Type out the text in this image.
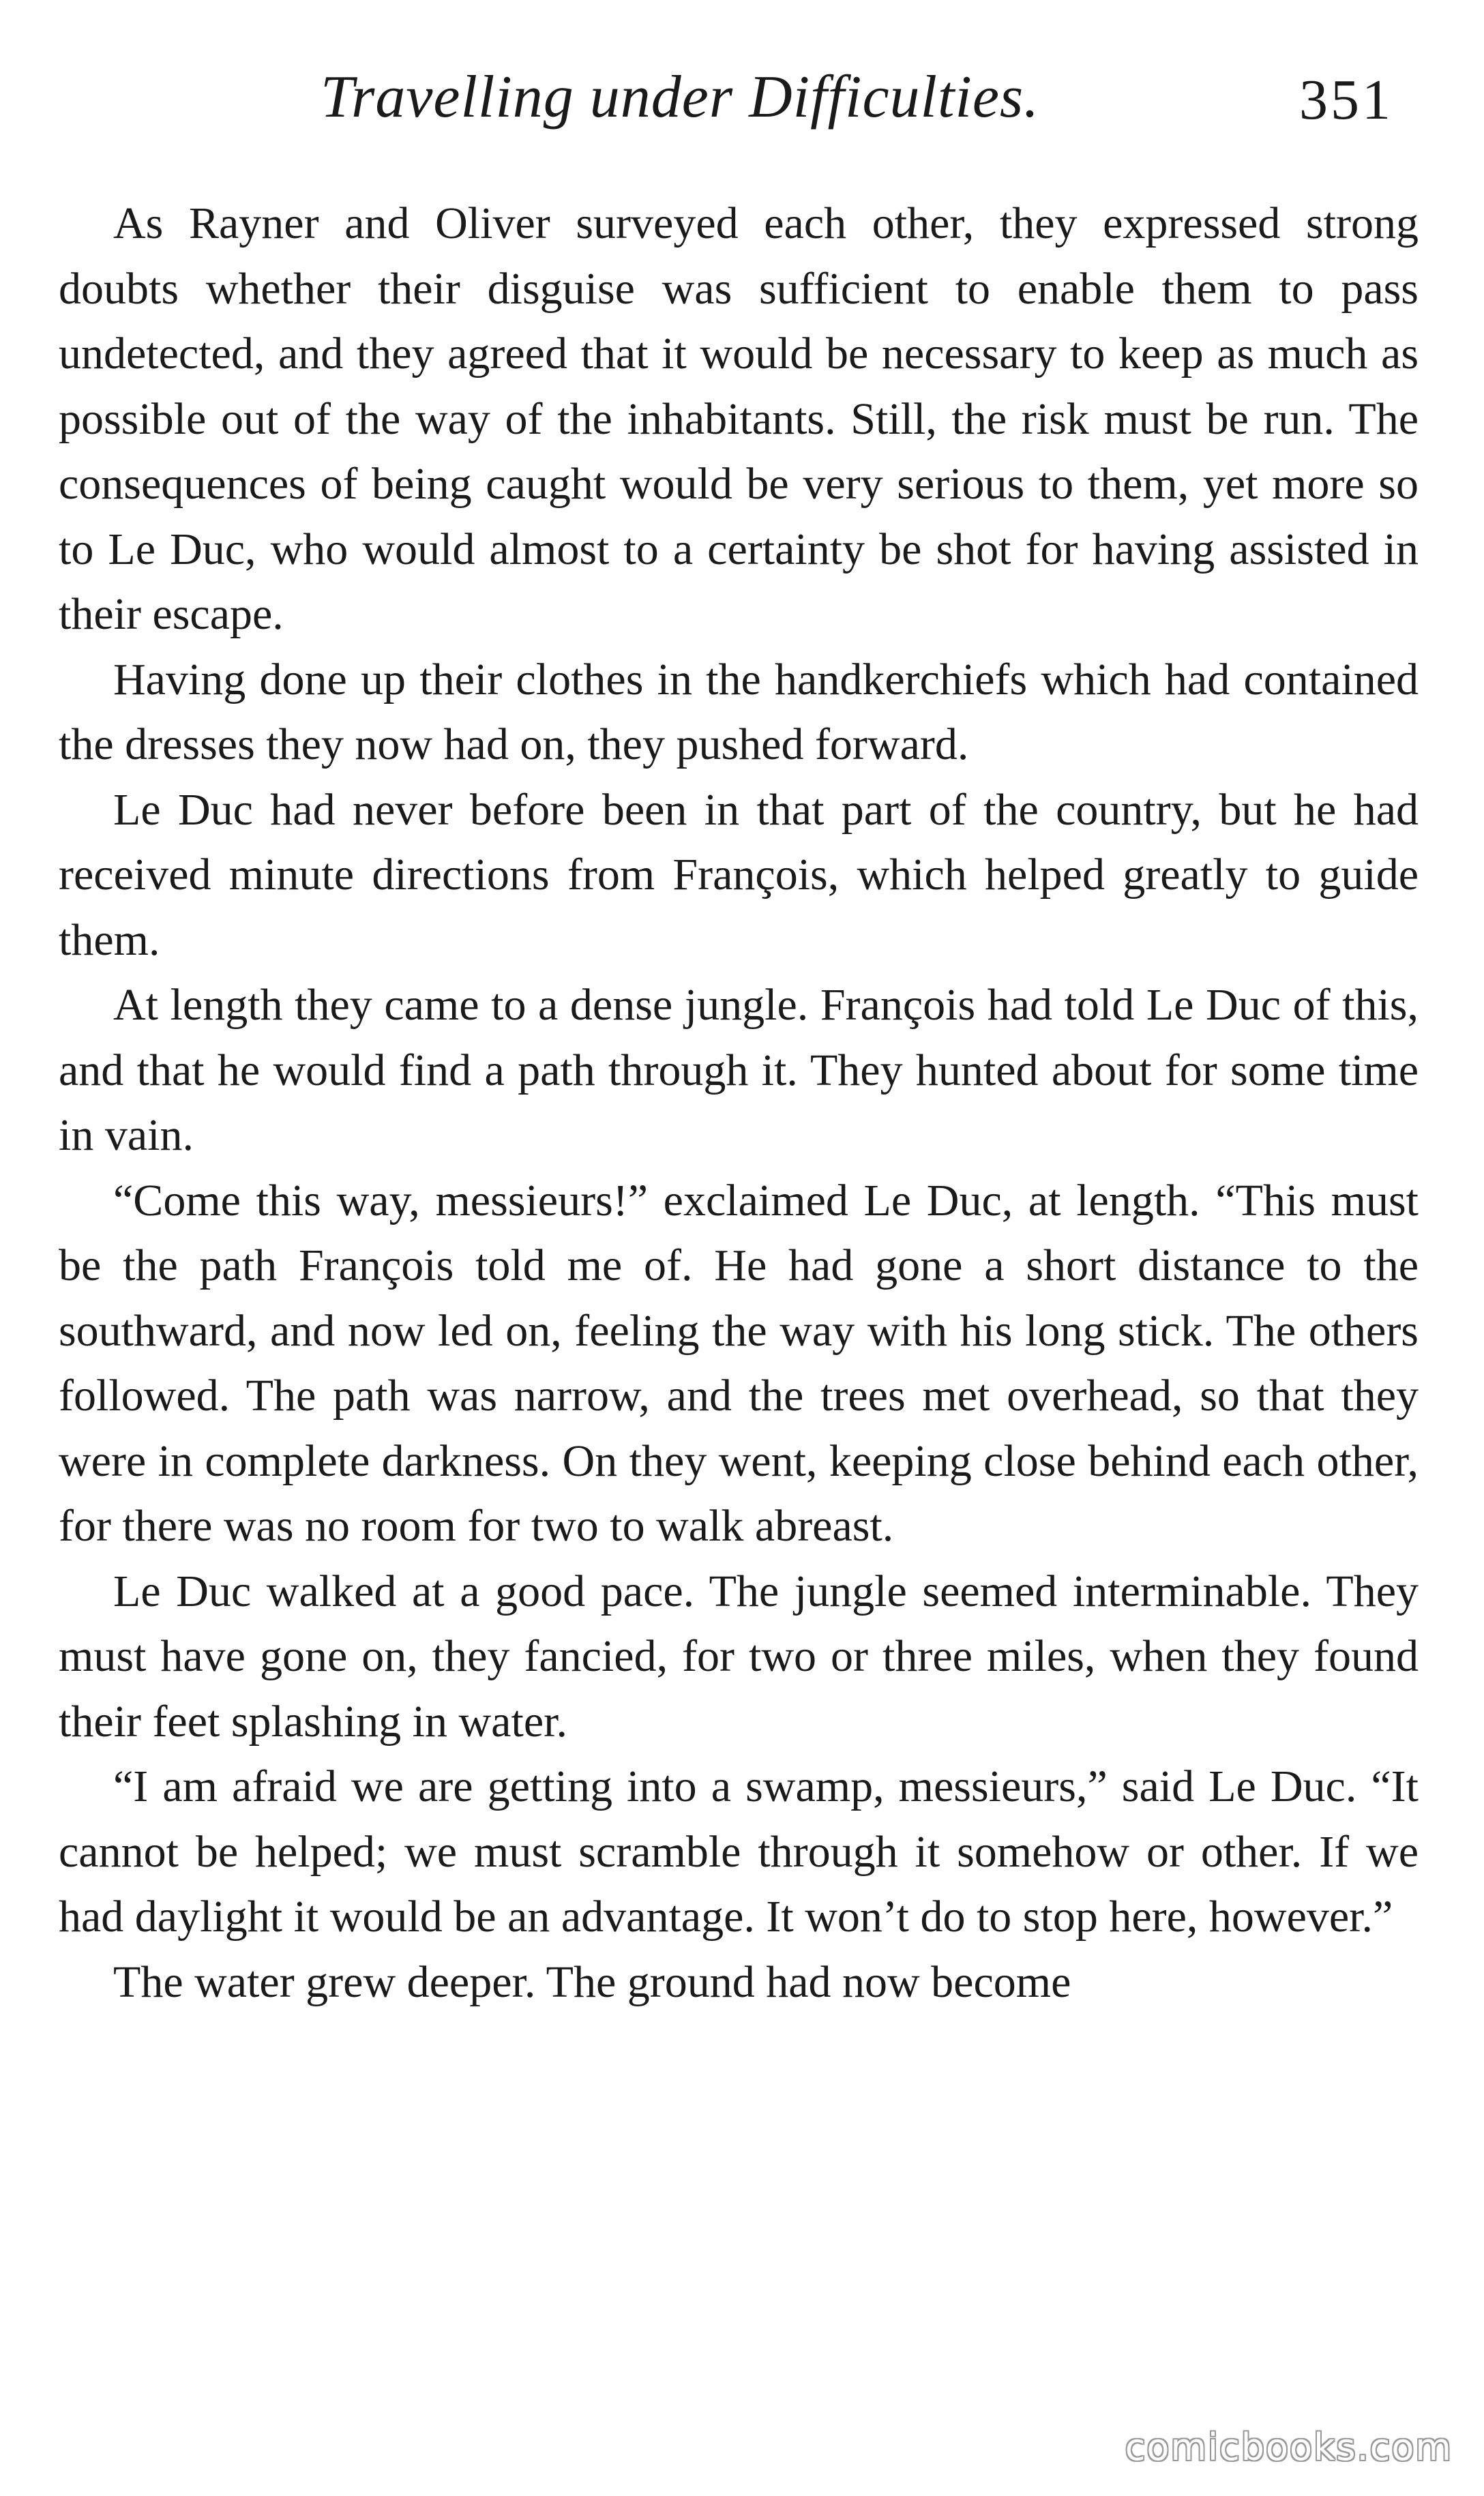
Travelling under Difficulties.	351

As Rayner and Oliver surveyed each other, they expressed strong doubts whether their disguise was sufficient to enable them to pass undetected, and they agreed that it would be necessary to keep as much as possible out of the way of the inhabitants. Still, the risk must be run. The consequences of being caught would be very serious to them, yet more so to Le Duc, who would almost to a certainty be shot for having assisted in their escape.

Having done up their clothes in the handkerchiefs which had contained the dresses they now had on, they pushed forward.

Le Duc had never before been in that part of the country, but he had received minute directions from François, which helped greatly to guide them.

At length they came to a dense jungle. François had told Le Duc of this, and that he would find a path through it. They hunted about for some time in vain.

“Come this way, messieurs!” exclaimed Le Duc, at length. “This must be the path François told me of. He had gone a short distance to the southward, and now led on, feeling the way with his long stick. The others followed. The path was narrow, and the trees met overhead, so that they were in complete darkness. On they went, keeping close behind each other, for there was no room for two to walk abreast.

Le Duc walked at a good pace. The jungle seemed interminable. They must have gone on, they fancied, for two or three miles, when they found their feet splashing in water.

“I am afraid we are getting into a swamp, messieurs,” said Le Duc. “It cannot be helped; we must scramble through it somehow or other. If we had daylight it would be an advantage. It won’t do to stop here, however.”

The water grew deeper. The ground had now become

comicbooks.com
